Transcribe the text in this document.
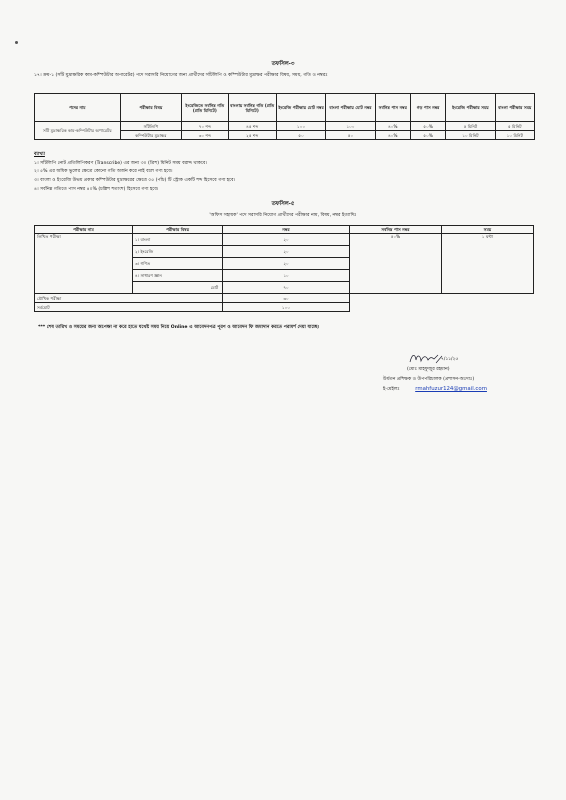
তফসিল-৩
১৭। ক্রম-১ (সাঁট মুদ্রাক্ষরিক কাম-কম্পিউটার অপারেটর) পদে সরাসরি নিয়োগের জন্য প্রার্থীদের সাঁটলিপি ও কম্পিউটার মুদ্রাক্ষর পরীক্ষার বিষয়, সময়, গতি ও নম্বরঃ
পদের নাম	পরীক্ষার বিষয়	ইংরেজিতে সর্বনিম্ন গতি (প্রতি মিনিটে)	বাংলায় সর্বনিম্ন গতি (প্রতি মিনিটে)	ইংরেজি পরীক্ষায় মোট নম্বর	বাংলা পরীক্ষায় মোট নম্বর	সর্বনিম্ন পাস নম্বর	গড় পাস নম্বর	ইংরেজি পরীক্ষার সময়	বাংলা পরীক্ষার সময়
সাঁট মুদ্রাক্ষরিক কাম-কম্পিউটার অপারেটর	সাঁটলিপি	৭০ শব্দ	৪৫ শব্দ	১০০	১০০	৪০%	৫০%	৫ মিনিট	৫ মিনিট
	কম্পিউটার মুদ্রাক্ষর	৩০ শব্দ	২৫ শব্দ	৫০	৫০	৪০%	৫০%	১০ মিনিট	১০ মিনিট
ব্যাখ্যা
১। সাঁটলিপি নোট প্রতিলিপিকরণ (Transcribe) এর জন্য ৩০ (ত্রিশ) মিনিট সময় বরাদ্দ থাকবে।
২। ৫% এর অধিক ভুলের ক্ষেত্রে কোনো গতি অর্জন করে নাই বলে গণ্য হবে।
৩। বাংলা ও ইংরেজি উভয় প্রকার কম্পিউটার মুদ্রাক্ষরের ক্ষেত্রে ০৫ (পাঁচ) টি স্ট্রোক একটি শব্দ হিসেবে গণ্য হবে।
৪। সর্বনিম্ন গতিতে পাস নম্বর ৪০% (চল্লিশ শতাংশ) হিসেবে গণ্য হবে।
তফসিল-৫
'অফিস সহায়ক' পদে সরাসরি নিয়োগ প্রার্থীদের পরীক্ষার নাম, বিষয়, নম্বর ইত্যাদিঃ
পরীক্ষার নাম	পরীক্ষার বিষয়	নম্বর	সর্বনিম্ন পাস নম্বর	সময়
লিখিত পরীক্ষা	১। বাংলা	২০	৫০%	১ ঘন্টা
	২। ইংরেজি	২০		
	৩। গণিত	২০		
	৪। সাধারণ জ্ঞান	১০		
	মোট	৭০		
মৌখিক পরীক্ষা		৩০		
সর্বমোট		১০০		
*** শেষ তারিখ ও সময়ের জন্য অপেক্ষা না করে হাতে যথেষ্ট সময় নিয়ে Online এ আবেদনপত্র পূরণ ও আবেদন ফি জমাদান করতে পরামর্শ দেয়া যাচ্ছে।
৭/১১/২৫
(মোঃ মাহফুজুর রহমান)
উর্ধতন প্রশিক্ষক ও উপপরিচালক (প্রশাসন-অঃদাঃ)
ই-মেইলঃ	rmahfuzur124@gmail.com
